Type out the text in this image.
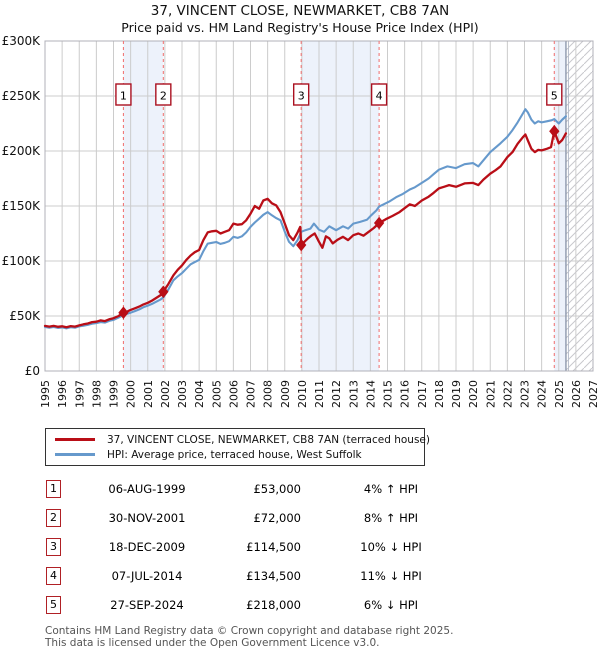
37, VINCENT CLOSE, NEWMARKET, CB8 7AN
Price paid vs. HM Land Registry's House Price Index (HPI)
1	2	3	4	5
£0
£50K
£100K
£150K
£200K
£250K
£300K
1995 1996 1997 1998 1999 2000 2001 2002 2003 2004 2005 2006 2007 2008 2009 2010 2011 2012 2013 2014 2015 2016 2017 2018 2019 2020 2021 2022 2023 2024 2025 2026 2027
37, VINCENT CLOSE, NEWMARKET, CB8 7AN (terraced house)
HPI: Average price, terraced house, West Suffolk
1	06-AUG-1999	£53,000	4% ↑ HPI
2	30-NOV-2001	£72,000	8% ↑ HPI
3	18-DEC-2009	£114,500	10% ↓ HPI
4	07-JUL-2014	£134,500	11% ↓ HPI
5	27-SEP-2024	£218,000	6% ↓ HPI
Contains HM Land Registry data © Crown copyright and database right 2025.
This data is licensed under the Open Government Licence v3.0.
